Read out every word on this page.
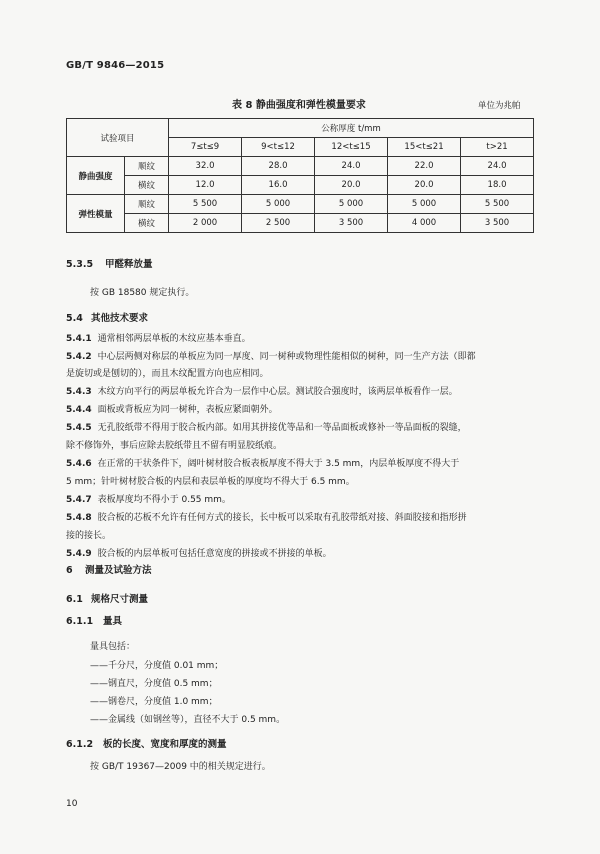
GB/T 9846—2015
表 8 静曲强度和弹性模量要求	单位为兆帕
试验项目		公称厚度 t/mm				
		7≤t≤9	9<t≤12	12<t≤15	15<t≤21	t>21
静曲强度	顺纹	32.0	28.0	24.0	22.0	24.0
	横纹	12.0	16.0	20.0	20.0	18.0
弹性模量	顺纹	5 500	5 000	5 000	5 000	5 500
	横纹	2 000	2 500	3 500	4 000	3 500
5.3.5 甲醛释放量
按 GB 18580 规定执行。
5.4 其他技术要求
5.4.1 通常相邻两层单板的木纹应基本垂直。
5.4.2 中心层两侧对称层的单板应为同一厚度、同一树种或物理性能相似的树种，同一生产方法（即都
是旋切或是刨切的），而且木纹配置方向也应相同。
5.4.3 木纹方向平行的两层单板允许合为一层作中心层。测试胶合强度时，该两层单板看作一层。
5.4.4 面板或背板应为同一树种，表板应紧面朝外。
5.4.5 无孔胶纸带不得用于胶合板内部。如用其拼接优等品和一等品面板或修补一等品面板的裂缝，
除不修饰外，事后应除去胶纸带且不留有明显胶纸痕。
5.4.6 在正常的干状条件下，阔叶树材胶合板表板厚度不得大于 3.5 mm，内层单板厚度不得大于
5 mm；针叶树材胶合板的内层和表层单板的厚度均不得大于 6.5 mm。
5.4.7 表板厚度均不得小于 0.55 mm。
5.4.8 胶合板的芯板不允许有任何方式的接长，长中板可以采取有孔胶带纸对接、斜面胶接和指形拼
接的接长。
5.4.9 胶合板的内层单板可包括任意宽度的拼接或不拼接的单板。
6 测量及试验方法
6.1 规格尺寸测量
6.1.1 量具
量具包括：
——千分尺，分度值 0.01 mm；
——钢直尺，分度值 0.5 mm；
——钢卷尺，分度值 1.0 mm；
——金属线（如钢丝等），直径不大于 0.5 mm。
6.1.2 板的长度、宽度和厚度的测量
按 GB/T 19367—2009 中的相关规定进行。
10
